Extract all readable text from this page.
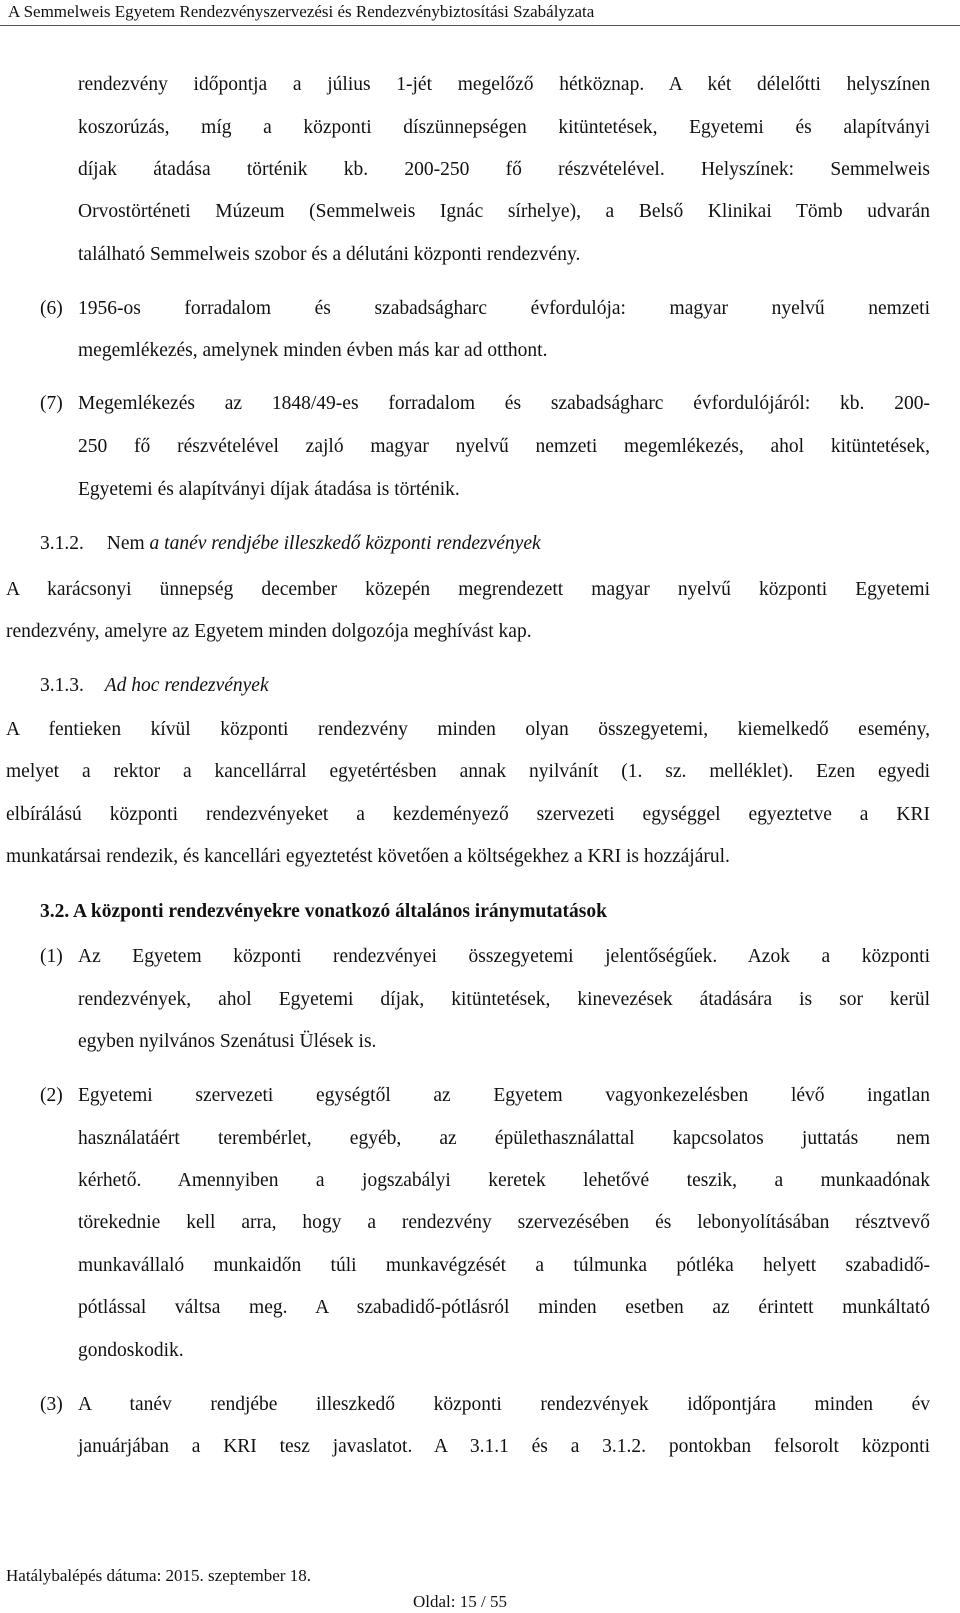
A Semmelweis Egyetem Rendezvényszervezési és Rendezvénybiztosítási Szabályzata
rendezvény időpontja a július 1-jét megelőző hétköznap. A két délelőtti helyszínen
koszorúzás, míg a központi díszünnepségen kitüntetések, Egyetemi és alapítványi
díjak átadása történik kb. 200-250 fő részvételével. Helyszínek: Semmelweis
Orvostörténeti Múzeum (Semmelweis Ignác sírhelye), a Belső Klinikai Tömb udvarán
található Semmelweis szobor és a délutáni központi rendezvény.
(6) 1956-os forradalom és szabadságharc évfordulója: magyar nyelvű nemzeti
megemlékezés, amelynek minden évben más kar ad otthont.
(7) Megemlékezés az 1848/49-es forradalom és szabadságharc évfordulójáról: kb. 200-
250 fő részvételével zajló magyar nyelvű nemzeti megemlékezés, ahol kitüntetések,
Egyetemi és alapítványi díjak átadása is történik.
3.1.2. Nem a tanév rendjébe illeszkedő központi rendezvények
A karácsonyi ünnepség december közepén megrendezett magyar nyelvű központi Egyetemi
rendezvény, amelyre az Egyetem minden dolgozója meghívást kap.
3.1.3. Ad hoc rendezvények
A fentieken kívül központi rendezvény minden olyan összegyetemi, kiemelkedő esemény,
melyet a rektor a kancellárral egyetértésben annak nyilvánít (1. sz. melléklet). Ezen egyedi
elbírálású központi rendezvényeket a kezdeményező szervezeti egységgel egyeztetve a KRI
munkatársai rendezik, és kancellári egyeztetést követően a költségekhez a KRI is hozzájárul.
3.2. A központi rendezvényekre vonatkozó általános iránymutatások
(1) Az Egyetem központi rendezvényei összegyetemi jelentőségűek. Azok a központi
rendezvények, ahol Egyetemi díjak, kitüntetések, kinevezések átadására is sor kerül
egyben nyilvános Szenátusi Ülések is.
(2) Egyetemi szervezeti egységtől az Egyetem vagyonkezelésben lévő ingatlan
használatáért terembérlet, egyéb, az épülethasználattal kapcsolatos juttatás nem
kérhető. Amennyiben a jogszabályi keretek lehetővé teszik, a munkaadónak
törekednie kell arra, hogy a rendezvény szervezésében és lebonyolításában résztvevő
munkavállaló munkaidőn túli munkavégzését a túlmunka pótléka helyett szabadidő-
pótlással váltsa meg. A szabadidő-pótlásról minden esetben az érintett munkáltató
gondoskodik.
(3) A tanév rendjébe illeszkedő központi rendezvények időpontjára minden év
januárjában a KRI tesz javaslatot. A 3.1.1 és a 3.1.2. pontokban felsorolt központi
Hatálybalépés dátuma: 2015. szeptember 18.
Oldal: 15 / 55
